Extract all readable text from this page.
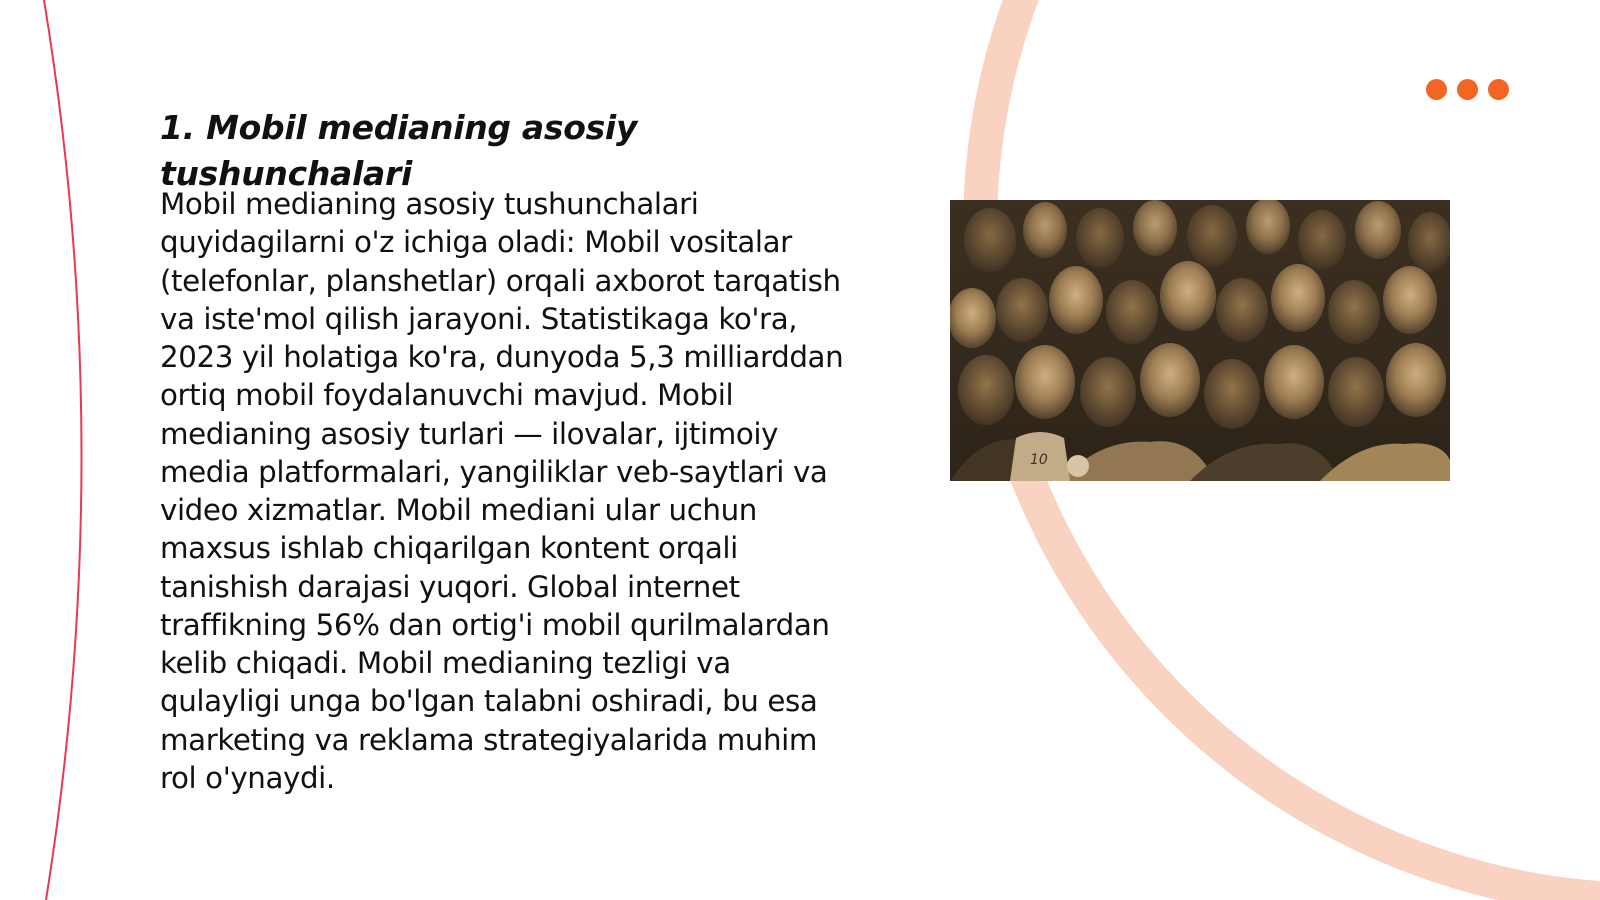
1. Mobil medianing asosiy tushunchalari

Mobil medianing asosiy tushunchalari quyidagilarni o'z ichiga oladi: Mobil vositalar (telefonlar, planshetlar) orqali axborot tarqatish va iste'mol qilish jarayoni. Statistikaga ko'ra, 2023 yil holatiga ko'ra, dunyoda 5,3 milliarddan ortiq mobil foydalanuvchi mavjud. Mobil medianing asosiy turlari — ilovalar, ijtimoiy media platformalari, yangiliklar veb-saytlari va video xizmatlar. Mobil mediani ular uchun maxsus ishlab chiqarilgan kontent orqali tanishish darajasi yuqori. Global internet traffikning 56% dan ortig'i mobil qurilmalardan kelib chiqadi. Mobil medianing tezligi va qulayligi unga bo'lgan talabni oshiradi, bu esa marketing va reklama strategiyalarida muhim rol o'ynaydi.

10
